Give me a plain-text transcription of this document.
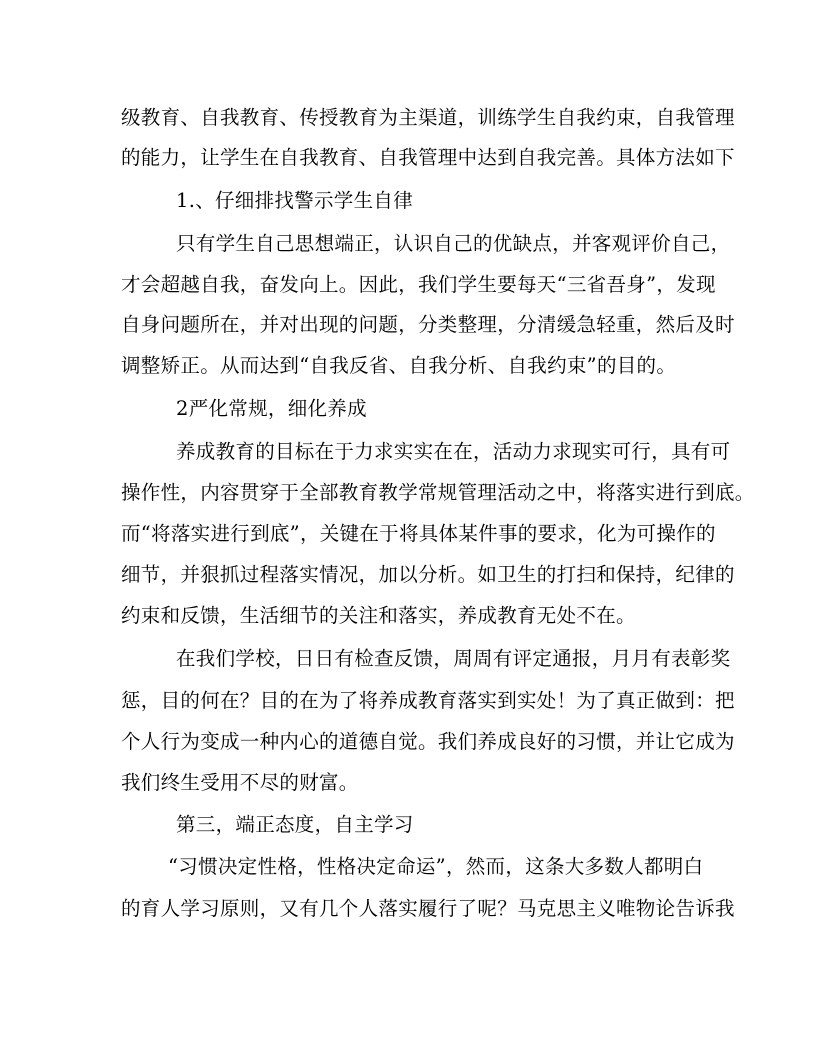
级教育、自我教育、传授教育为主渠道，训练学生自我约束，自我管理
的能力，让学生在自我教育、自我管理中达到自我完善。具体方法如下
1.、仔细排找警示学生自律
只有学生自己思想端正，认识自己的优缺点，并客观评价自己，
才会超越自我，奋发向上。因此，我们学生要每天“三省吾身”，发现
自身问题所在，并对出现的问题，分类整理，分清缓急轻重，然后及时
调整矫正。从而达到“自我反省、自我分析、自我约束”的目的。
2严化常规，细化养成
养成教育的目标在于力求实实在在，活动力求现实可行，具有可
操作性，内容贯穿于全部教育教学常规管理活动之中，将落实进行到底。
而“将落实进行到底”，关键在于将具体某件事的要求，化为可操作的
细节，并狠抓过程落实情况，加以分析。如卫生的打扫和保持，纪律的
约束和反馈，生活细节的关注和落实，养成教育无处不在。
在我们学校，日日有检查反馈，周周有评定通报，月月有表彰奖
惩，目的何在？目的在为了将养成教育落实到实处！为了真正做到：把
个人行为变成一种内心的道德自觉。我们养成良好的习惯，并让它成为
我们终生受用不尽的财富。
第三，端正态度，自主学习
“习惯决定性格，性格决定命运”，然而，这条大多数人都明白
的育人学习原则，又有几个人落实履行了呢？马克思主义唯物论告诉我
